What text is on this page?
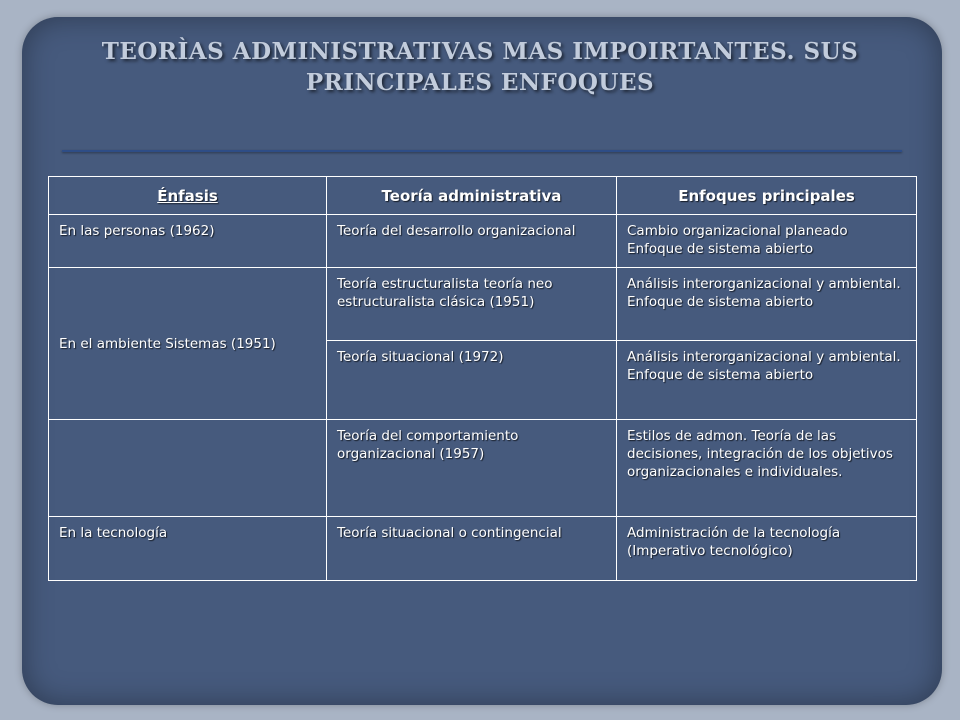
TEORÌAS ADMINISTRATIVAS MAS IMPOIRTANTES. SUS
PRINCIPALES ENFOQUES
Énfasis	Teoría administrativa	Enfoques principales
En las personas (1962)	Teoría del desarrollo organizacional	Cambio organizacional planeado Enfoque de sistema abierto
En el ambiente Sistemas (1951)	Teoría estructuralista teoría neo estructuralista clásica (1951)	Análisis interorganizacional y ambiental. Enfoque de sistema abierto
	Teoría situacional (1972)	Análisis interorganizacional y ambiental. Enfoque de sistema abierto
	Teoría del comportamiento organizacional (1957)	Estilos de admon. Teoría de las decisiones, integración de los objetivos organizacionales e individuales.
En la tecnología	Teoría situacional o contingencial	Administración de la tecnología (Imperativo tecnológico)
